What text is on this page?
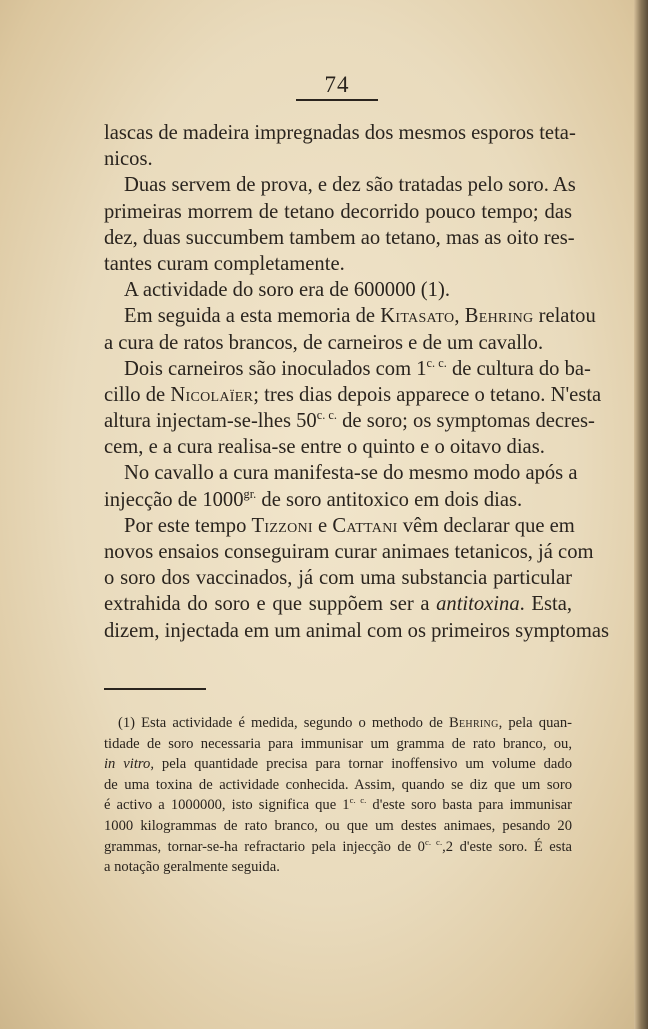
74
lascas de madeira impregnadas dos mesmos esporos teta-
nicos.
Duas servem de prova, e dez são tratadas pelo soro. As
primeiras morrem de tetano decorrido pouco tempo; das
dez, duas succumbem tambem ao tetano, mas as oito res-
tantes curam completamente.
A actividade do soro era de 600000 (1).
Em seguida a esta memoria de Kitasato, Behring relatou
a cura de ratos brancos, de carneiros e de um cavallo.
Dois carneiros são inoculados com $1^{c. c.}$ de cultura do ba-
cillo de Nicolaïer; tres dias depois apparece o tetano. N'esta
altura injectam-se-lhes $50^{c. c.}$ de soro; os symptomas decres-
cem, e a cura realisa-se entre o quinto e o oitavo dias.
No cavallo a cura manifesta-se do mesmo modo após a
injecção de $1000^{gr.}$ de soro antitoxico em dois dias.
Por este tempo Tizzoni e Cattani vêm declarar que em
novos ensaios conseguiram curar animaes tetanicos, já com
o soro dos vaccinados, já com uma substancia particular
extrahida do soro e que suppõem ser a antitoxina. Esta,
dizem, injectada em um animal com os primeiros symptomas
(1) Esta actividade é medida, segundo o methodo de Behring, pela quan-
tidade de soro necessaria para immunisar um gramma de rato branco, ou,
in vitro, pela quantidade precisa para tornar inoffensivo um volume dado
de uma toxina de actividade conhecida. Assim, quando se diz que um soro
é activo a 1000000, isto significa que $1^{c. c.}$ d'este soro basta para immunisar
1000 kilogrammas de rato branco, ou que um destes animaes, pesando 20
grammas, tornar-se-ha refractario pela injecção de $0^{c. c.},2$ d'este soro. É esta
a notação geralmente seguida.
